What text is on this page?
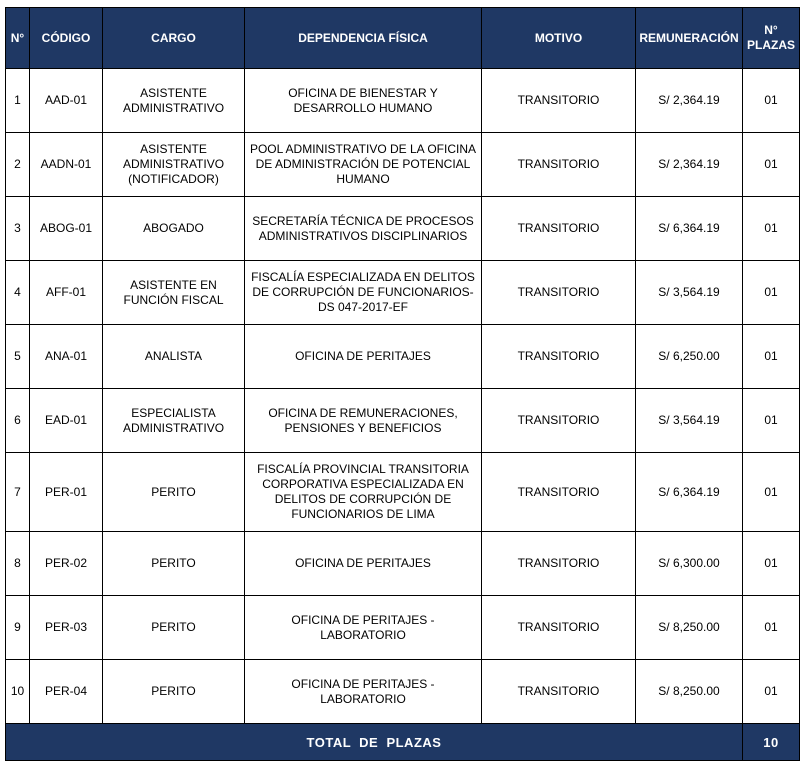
N°	CÓDIGO	CARGO	DEPENDENCIA FÍSICA	MOTIVO	REMUNERACIÓN	N° PLAZAS
1	AAD-01	ASISTENTE ADMINISTRATIVO	OFICINA DE BIENESTAR Y DESARROLLO HUMANO	TRANSITORIO	S/ 2,364.19	01
2	AADN-01	ASISTENTE ADMINISTRATIVO (NOTIFICADOR)	POOL ADMINISTRATIVO DE LA OFICINA DE ADMINISTRACIÓN DE POTENCIAL HUMANO	TRANSITORIO	S/ 2,364.19	01
3	ABOG-01	ABOGADO	SECRETARÍA TÉCNICA DE PROCESOS ADMINISTRATIVOS DISCIPLINARIOS	TRANSITORIO	S/ 6,364.19	01
4	AFF-01	ASISTENTE EN FUNCIÓN FISCAL	FISCALÍA ESPECIALIZADA EN DELITOS DE CORRUPCIÓN DE FUNCIONARIOS- DS 047-2017-EF	TRANSITORIO	S/ 3,564.19	01
5	ANA-01	ANALISTA	OFICINA DE PERITAJES	TRANSITORIO	S/ 6,250.00	01
6	EAD-01	ESPECIALISTA ADMINISTRATIVO	OFICINA DE REMUNERACIONES, PENSIONES Y BENEFICIOS	TRANSITORIO	S/ 3,564.19	01
7	PER-01	PERITO	FISCALÍA PROVINCIAL TRANSITORIA CORPORATIVA ESPECIALIZADA EN DELITOS DE CORRUPCIÓN DE FUNCIONARIOS DE LIMA	TRANSITORIO	S/ 6,364.19	01
8	PER-02	PERITO	OFICINA DE PERITAJES	TRANSITORIO	S/ 6,300.00	01
9	PER-03	PERITO	OFICINA DE PERITAJES - LABORATORIO	TRANSITORIO	S/ 8,250.00	01
10	PER-04	PERITO	OFICINA DE PERITAJES - LABORATORIO	TRANSITORIO	S/ 8,250.00	01
TOTAL  DE  PLAZAS						10
